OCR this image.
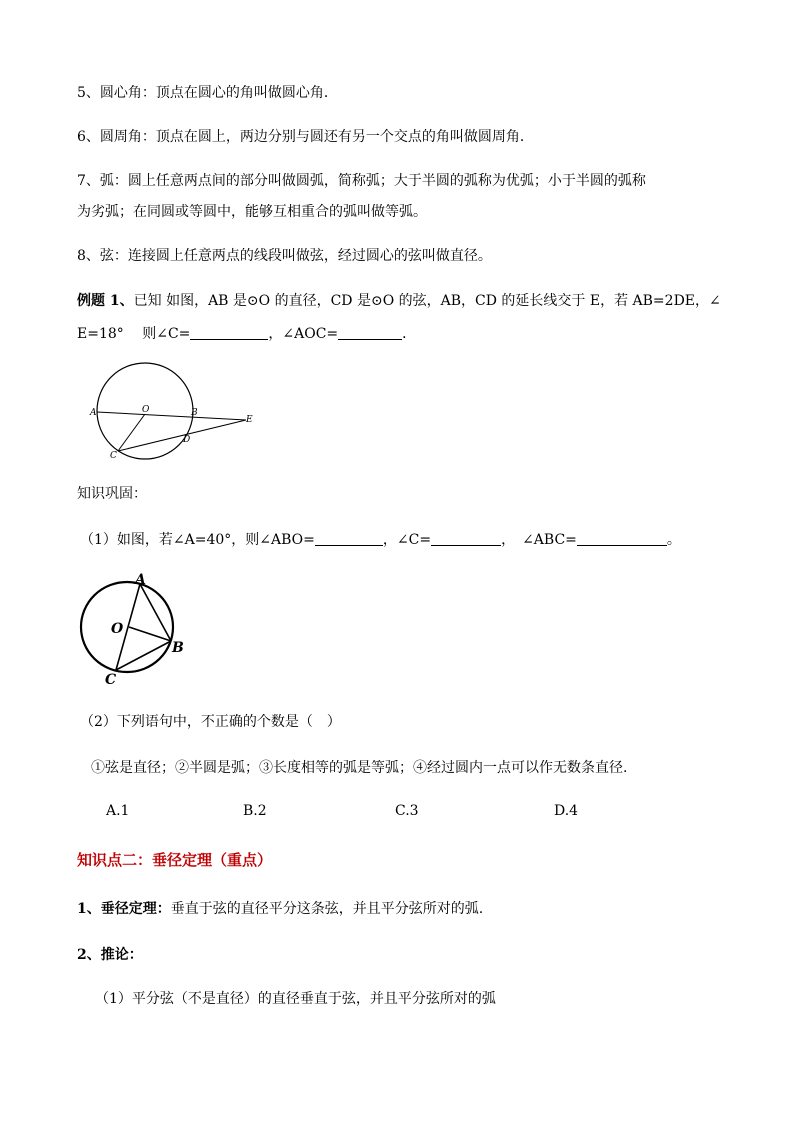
5、圆心角：顶点在圆心的角叫做圆心角．
6、圆周角：顶点在圆上，两边分别与圆还有另一个交点的角叫做圆周角．
7、弧：圆上任意两点间的部分叫做圆弧，简称弧；大于半圆的弧称为优弧；小于半圆的弧称
为劣弧；在同圆或等圆中，能够互相重合的弧叫做等弧。
8、弦：连接圆上任意两点的线段叫做弦，经过圆心的弦叫做直径。
例题 1、已知 如图，AB 是⊙O 的直径，CD 是⊙O 的弦，AB，CD 的延长线交于 E，若 AB=2DE，∠
E=18°　 则∠C=	，∠AOC=	．
A	O	B
E
D
C
知识巩固：
（1）如图，若∠A=40°，则∠ABO=	，∠C=	，　∠ABC=	。
A
O
B
C
（2）下列语句中，不正确的个数是（　）
①弦是直径；②半圆是弧；③长度相等的弧是等弧；④经过圆内一点可以作无数条直径.
A.1	B.2	C.3	D.4
知识点二：垂径定理（重点）
1、垂径定理：垂直于弦的直径平分这条弦，并且平分弦所对的弧.
2、推论：
（1）平分弦（不是直径）的直径垂直于弦，并且平分弦所对的弧
